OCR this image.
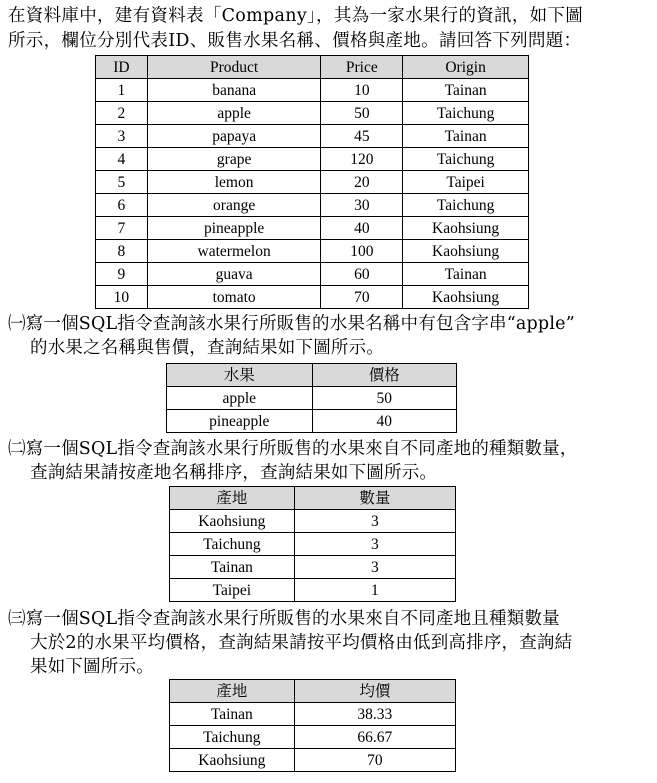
在資料庫中，建有資料表「Company」，其為一家水果行的資訊，如下圖
所示，欄位分別代表ID、販售水果名稱、價格與產地。請回答下列問題：
ID	Product	Price	Origin
1	banana	10	Tainan
2	apple	50	Taichung
3	papaya	45	Tainan
4	grape	120	Taichung
5	lemon	20	Taipei
6	orange	30	Taichung
7	pineapple	40	Kaohsiung
8	watermelon	100	Kaohsiung
9	guava	60	Tainan
10	tomato	70	Kaohsiung
㈠寫一個SQL指令查詢該水果行所販售的水果名稱中有包含字串“apple”
的水果之名稱與售價，查詢結果如下圖所示。
水果	價格
apple	50
pineapple	40
㈡寫一個SQL指令查詢該水果行所販售的水果來自不同產地的種類數量，
查詢結果請按產地名稱排序，查詢結果如下圖所示。
產地	數量
Kaohsiung	3
Taichung	3
Tainan	3
Taipei	1
㈢寫一個SQL指令查詢該水果行所販售的水果來自不同產地且種類數量
大於2的水果平均價格，查詢結果請按平均價格由低到高排序，查詢結
果如下圖所示。
產地	均價
Tainan	38.33
Taichung	66.67
Kaohsiung	70
